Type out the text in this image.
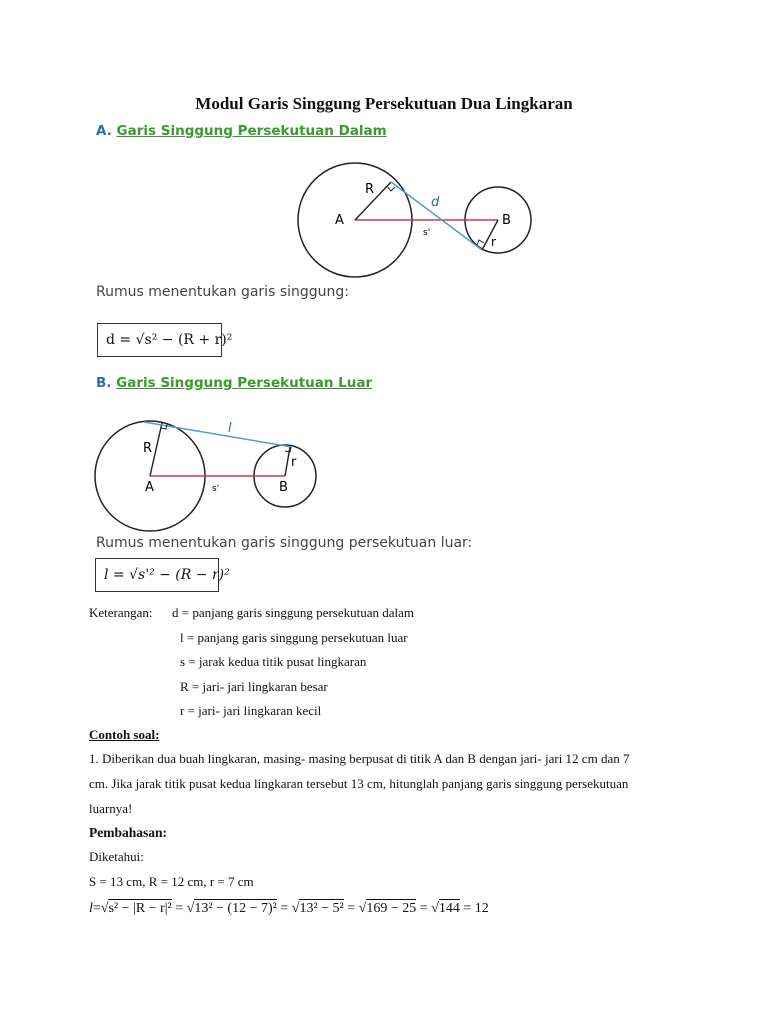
Modul Garis Singgung Persekutuan Dua Lingkaran
A. Garis Singgung Persekutuan Dalam
A
R
d
B
r
s'
Rumus menentukan garis singgung:
d = √s² − (R + r)²
B. Garis Singgung Persekutuan Luar
R
l
r
A	B
s'
Rumus menentukan garis singgung persekutuan luar:
l = √s'² − (R − r)²
Keterangan: d = panjang garis singgung persekutuan dalam
l = panjang garis singgung persekutuan luar
s = jarak kedua titik pusat lingkaran
R = jari- jari lingkaran besar
r = jari- jari lingkaran kecil
Contoh soal:
1. Diberikan dua buah lingkaran, masing- masing berpusat di titik A dan B dengan jari- jari 12 cm dan 7
cm. Jika jarak titik pusat kedua lingkaran tersebut 13 cm, hitunglah panjang garis singgung persekutuan
luarnya!
Pembahasan:
Diketahui:
S = 13 cm, R = 12 cm, r = 7 cm
l =√ s² − |R − r|² = √ 13² − (12 − 7)² = √ 13² − 5² = √ 169 − 25 = √ 144 = 12
